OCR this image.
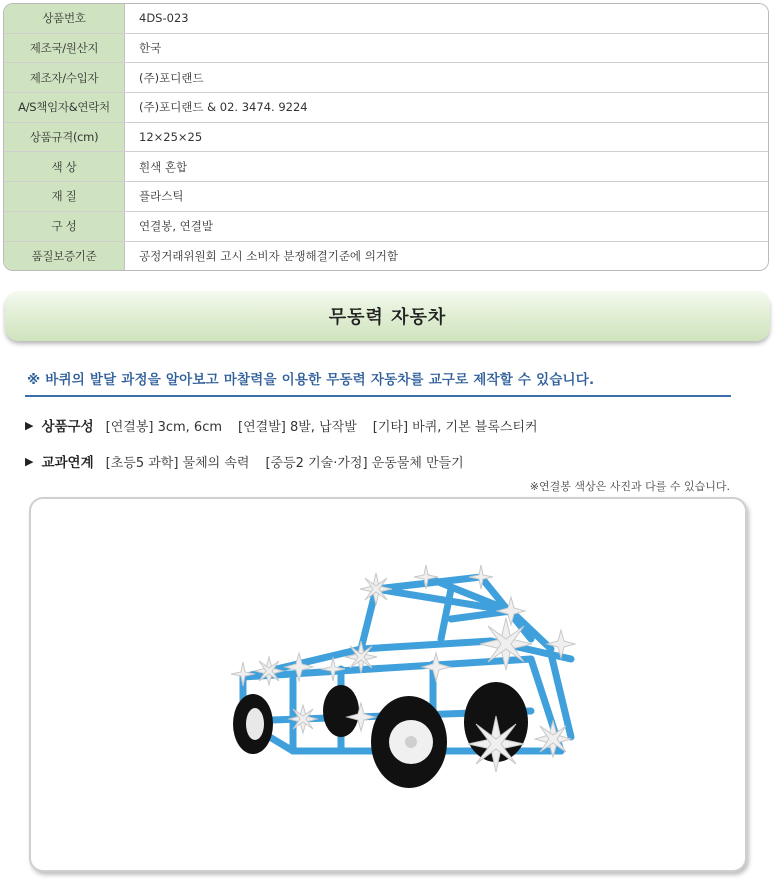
상품번호	4DS-023
제조국/원산지	한국
제조자/수입자	(주)포디랜드
A/S책임자&연락처	(주)포디랜드 & 02. 3474. 9224
상품규격(cm)	12×25×25
색 상	흰색 혼합
재 질	플라스틱
구 성	연결봉, 연결발
품질보증기준	공정거래위원회 고시 소비자 분쟁해결기준에 의거함
무동력 자동차
※ 바퀴의 발달 과정을 알아보고 마찰력을 이용한 무동력 자동차를 교구로 제작할 수 있습니다.
▶ 상품구성 [연결봉] 3cm, 6cm [연결발] 8발, 납작발 [기타] 바퀴, 기본 블록스티커
▶ 교과연계 [초등5 과학] 물체의 속력 [중등2 기술·가정] 운동물체 만들기
※연결봉 색상은 사진과 다를 수 있습니다.
